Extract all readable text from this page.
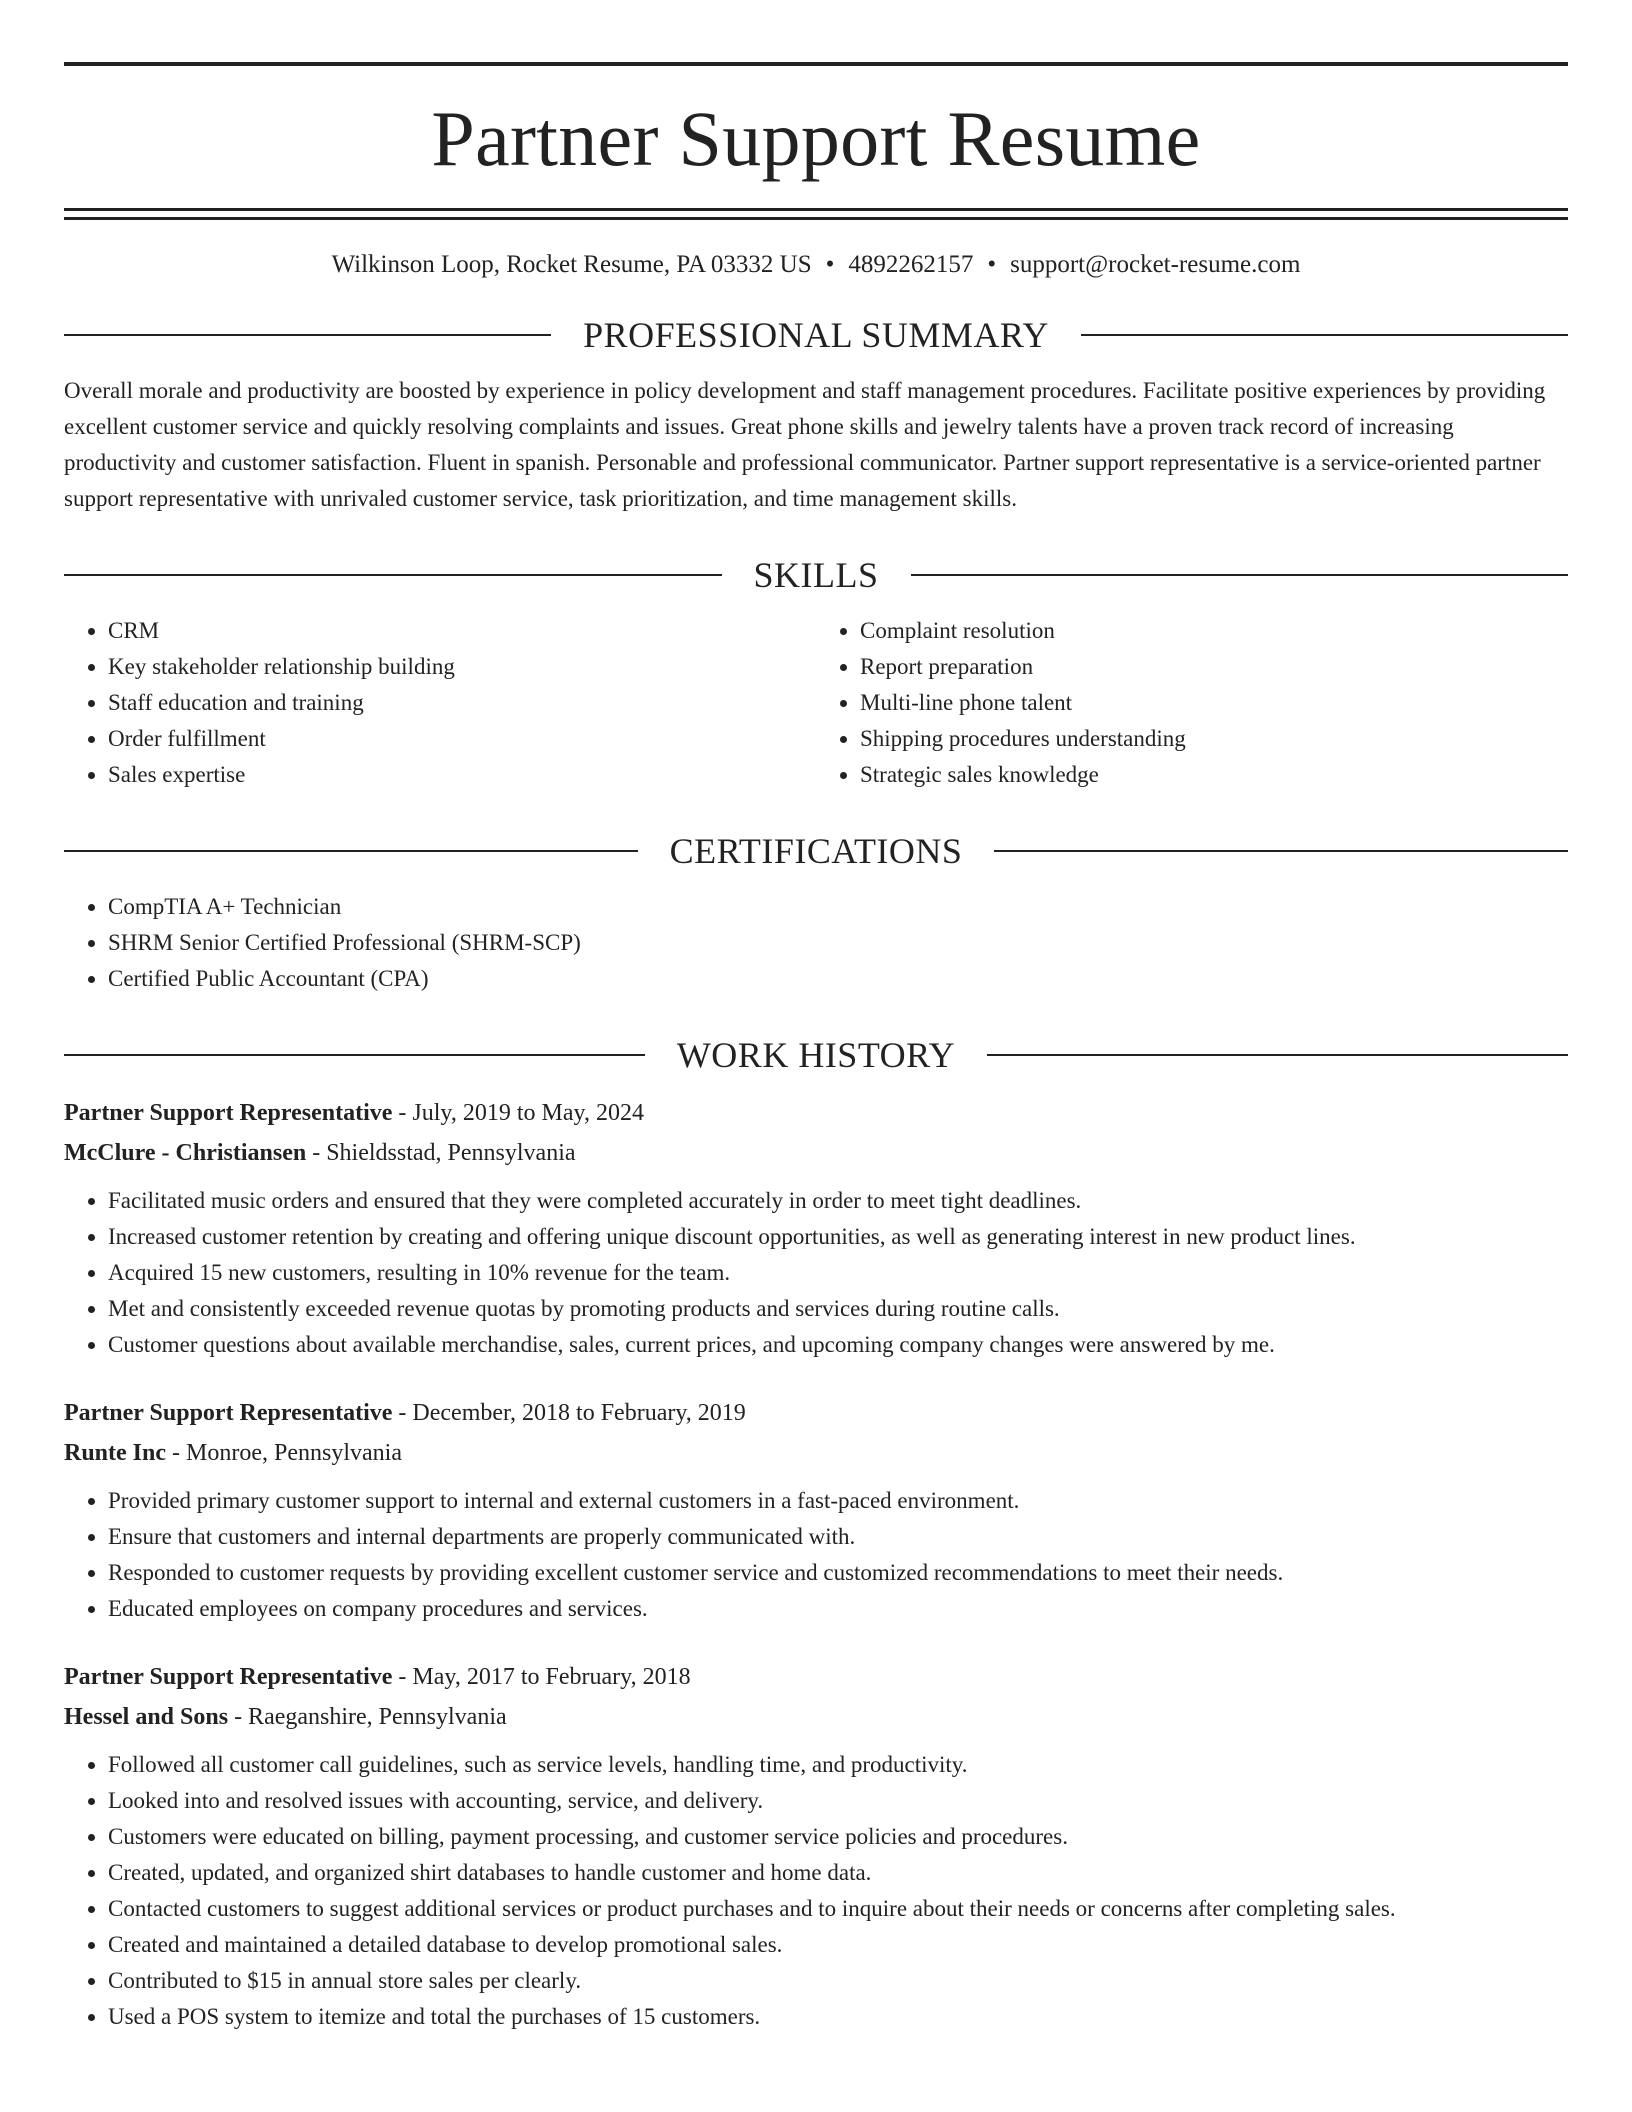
Partner Support Resume
Wilkinson Loop, Rocket Resume, PA 03332 US • 4892262157 • support@rocket-resume.com
PROFESSIONAL SUMMARY

Overall morale and productivity are boosted by experience in policy development and staff management procedures. Facilitate positive experiences by providing excellent customer service and quickly resolving complaints and issues. Great phone skills and jewelry talents have a proven track record of increasing productivity and customer satisfaction. Fluent in spanish. Personable and professional communicator. Partner support representative is a service-oriented partner support representative with unrivaled customer service, task prioritization, and time management skills.

SKILLS
• CRM
• Key stakeholder relationship building
• Staff education and training
• Order fulfillment
• Sales expertise
• Complaint resolution
• Report preparation
• Multi-line phone talent
• Shipping procedures understanding
• Strategic sales knowledge
CERTIFICATIONS
• CompTIA A+ Technician
• SHRM Senior Certified Professional (SHRM-SCP)
• Certified Public Accountant (CPA)
WORK HISTORY
Partner Support Representative - July, 2019 to May, 2024
McClure - Christiansen - Shieldsstad, Pennsylvania
• Facilitated music orders and ensured that they were completed accurately in order to meet tight deadlines.
• Increased customer retention by creating and offering unique discount opportunities, as well as generating interest in new product lines.
• Acquired 15 new customers, resulting in 10% revenue for the team.
• Met and consistently exceeded revenue quotas by promoting products and services during routine calls.
• Customer questions about available merchandise, sales, current prices, and upcoming company changes were answered by me.
Partner Support Representative - December, 2018 to February, 2019
Runte Inc - Monroe, Pennsylvania
• Provided primary customer support to internal and external customers in a fast-paced environment.
• Ensure that customers and internal departments are properly communicated with.
• Responded to customer requests by providing excellent customer service and customized recommendations to meet their needs.
• Educated employees on company procedures and services.
Partner Support Representative - May, 2017 to February, 2018
Hessel and Sons - Raeganshire, Pennsylvania
• Followed all customer call guidelines, such as service levels, handling time, and productivity.
• Looked into and resolved issues with accounting, service, and delivery.
• Customers were educated on billing, payment processing, and customer service policies and procedures.
• Created, updated, and organized shirt databases to handle customer and home data.
• Contacted customers to suggest additional services or product purchases and to inquire about their needs or concerns after completing sales.
• Created and maintained a detailed database to develop promotional sales.
• Contributed to $15 in annual store sales per clearly.
• Used a POS system to itemize and total the purchases of 15 customers.
